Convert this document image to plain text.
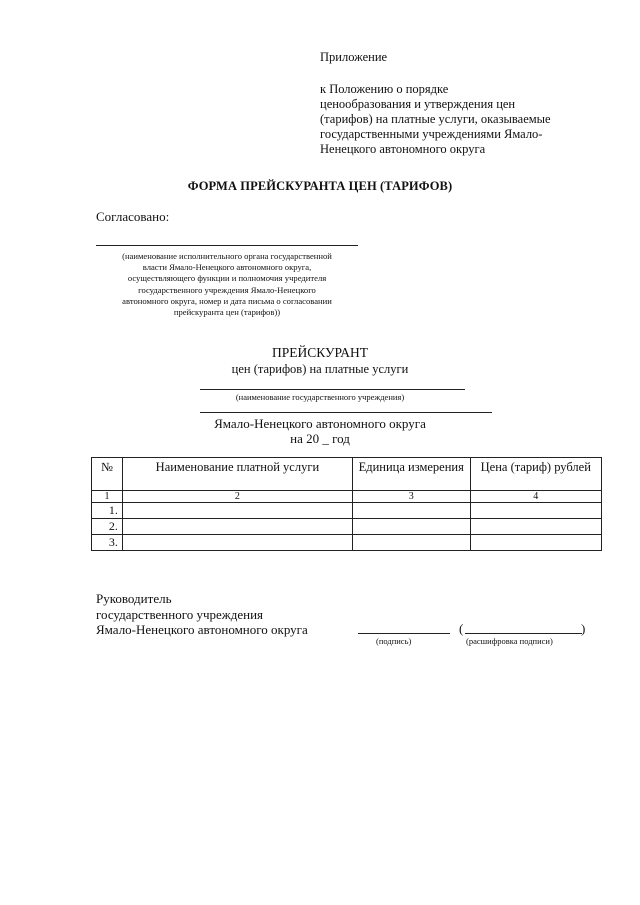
Приложение
к Положению о порядке
ценообразования и утверждения цен
(тарифов) на платные услуги, оказываемые
государственными учреждениями Ямало-
Ненецкого автономного округа
ФОРМА ПРЕЙСКУРАНТА ЦЕН (ТАРИФОВ)
Согласовано:
(наименование исполнительного органа государственной
власти Ямало-Ненецкого автономного округа,
осуществляющего функции и полномочия учредителя
государственного учреждения Ямало-Ненецкого
автономного округа, номер и дата письма о согласовании
прейскуранта цен (тарифов))
ПРЕЙСКУРАНТ
цен (тарифов) на платные услуги
(наименование государственного учреждения)
Ямало-Ненецкого автономного округа
на 20 _ год
№	Наименование платной услуги	Единица измерения	Цена (тариф) рублей
1	2	3	4
1.			
2.			
3.			
Руководитель
государственного учреждения
Ямало-Ненецкого автономного округа	(	)
(подпись)	(расшифровка подписи)
